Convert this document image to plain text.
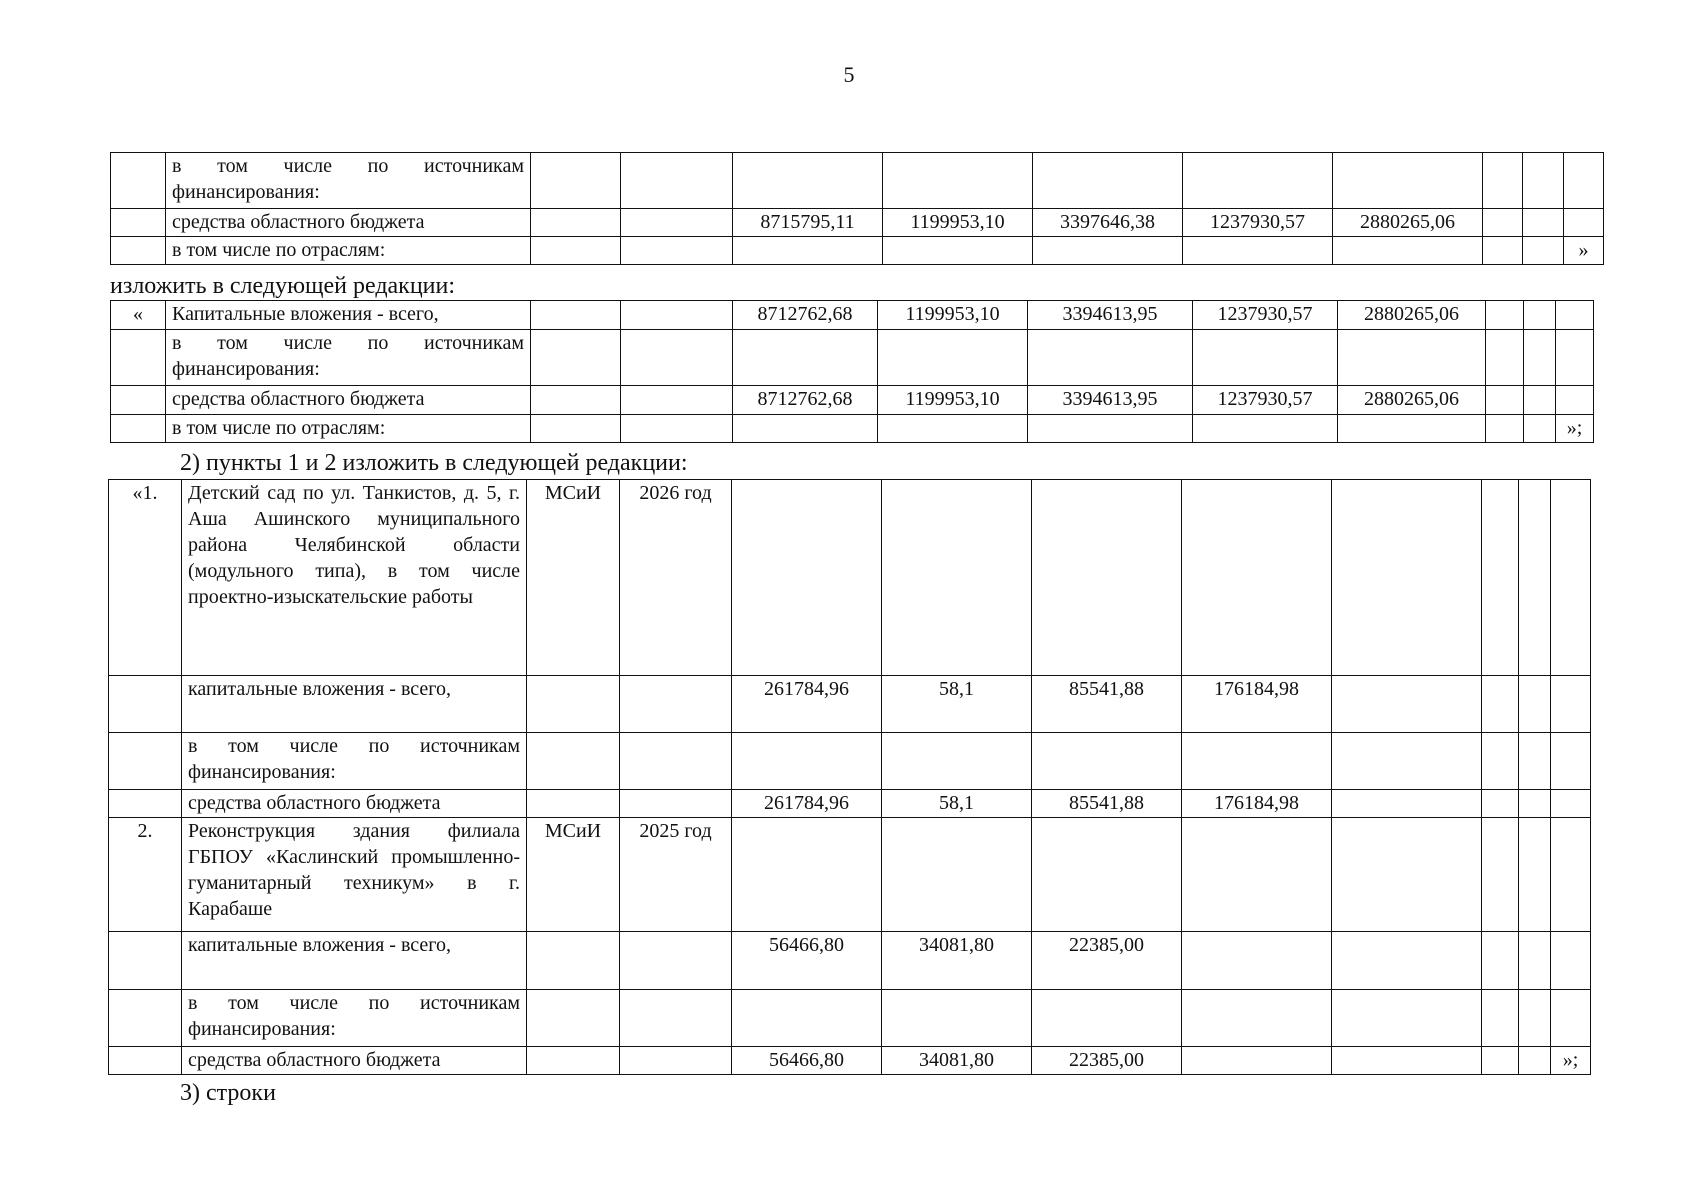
5
	в том числе по источникам финансирования:										
	средства областного бюджета			8715795,11	1199953,10	3397646,38	1237930,57	2880265,06			
	в том числе по отраслям:										»
изложить в следующей редакции:
«	Капитальные вложения - всего,			8712762,68	1199953,10	3394613,95	1237930,57	2880265,06			
	в том числе по источникам финансирования:										
	средства областного бюджета			8712762,68	1199953,10	3394613,95	1237930,57	2880265,06			
	в том числе по отраслям:										»;
2) пункты 1 и 2 изложить в следующей редакции:
«1.	Детский сад по ул. Танкистов, д. 5, г. Аша Ашинского муниципального района Челябинской области (модульного типа), в том числе проектно-изыскательские работы	МСиИ	2026 год								
	капитальные вложения - всего,			261784,96	58,1	85541,88	176184,98				
	в том числе по источникам финансирования:										
	средства областного бюджета			261784,96	58,1	85541,88	176184,98				
2.	Реконструкция здания филиала ГБПОУ «Каслинский промышленно-гуманитарный техникум» в г. Карабаше	МСиИ	2025 год								
	капитальные вложения - всего,			56466,80	34081,80	22385,00					
	в том числе по источникам финансирования:										
	средства областного бюджета			56466,80	34081,80	22385,00					»;
3) строки
